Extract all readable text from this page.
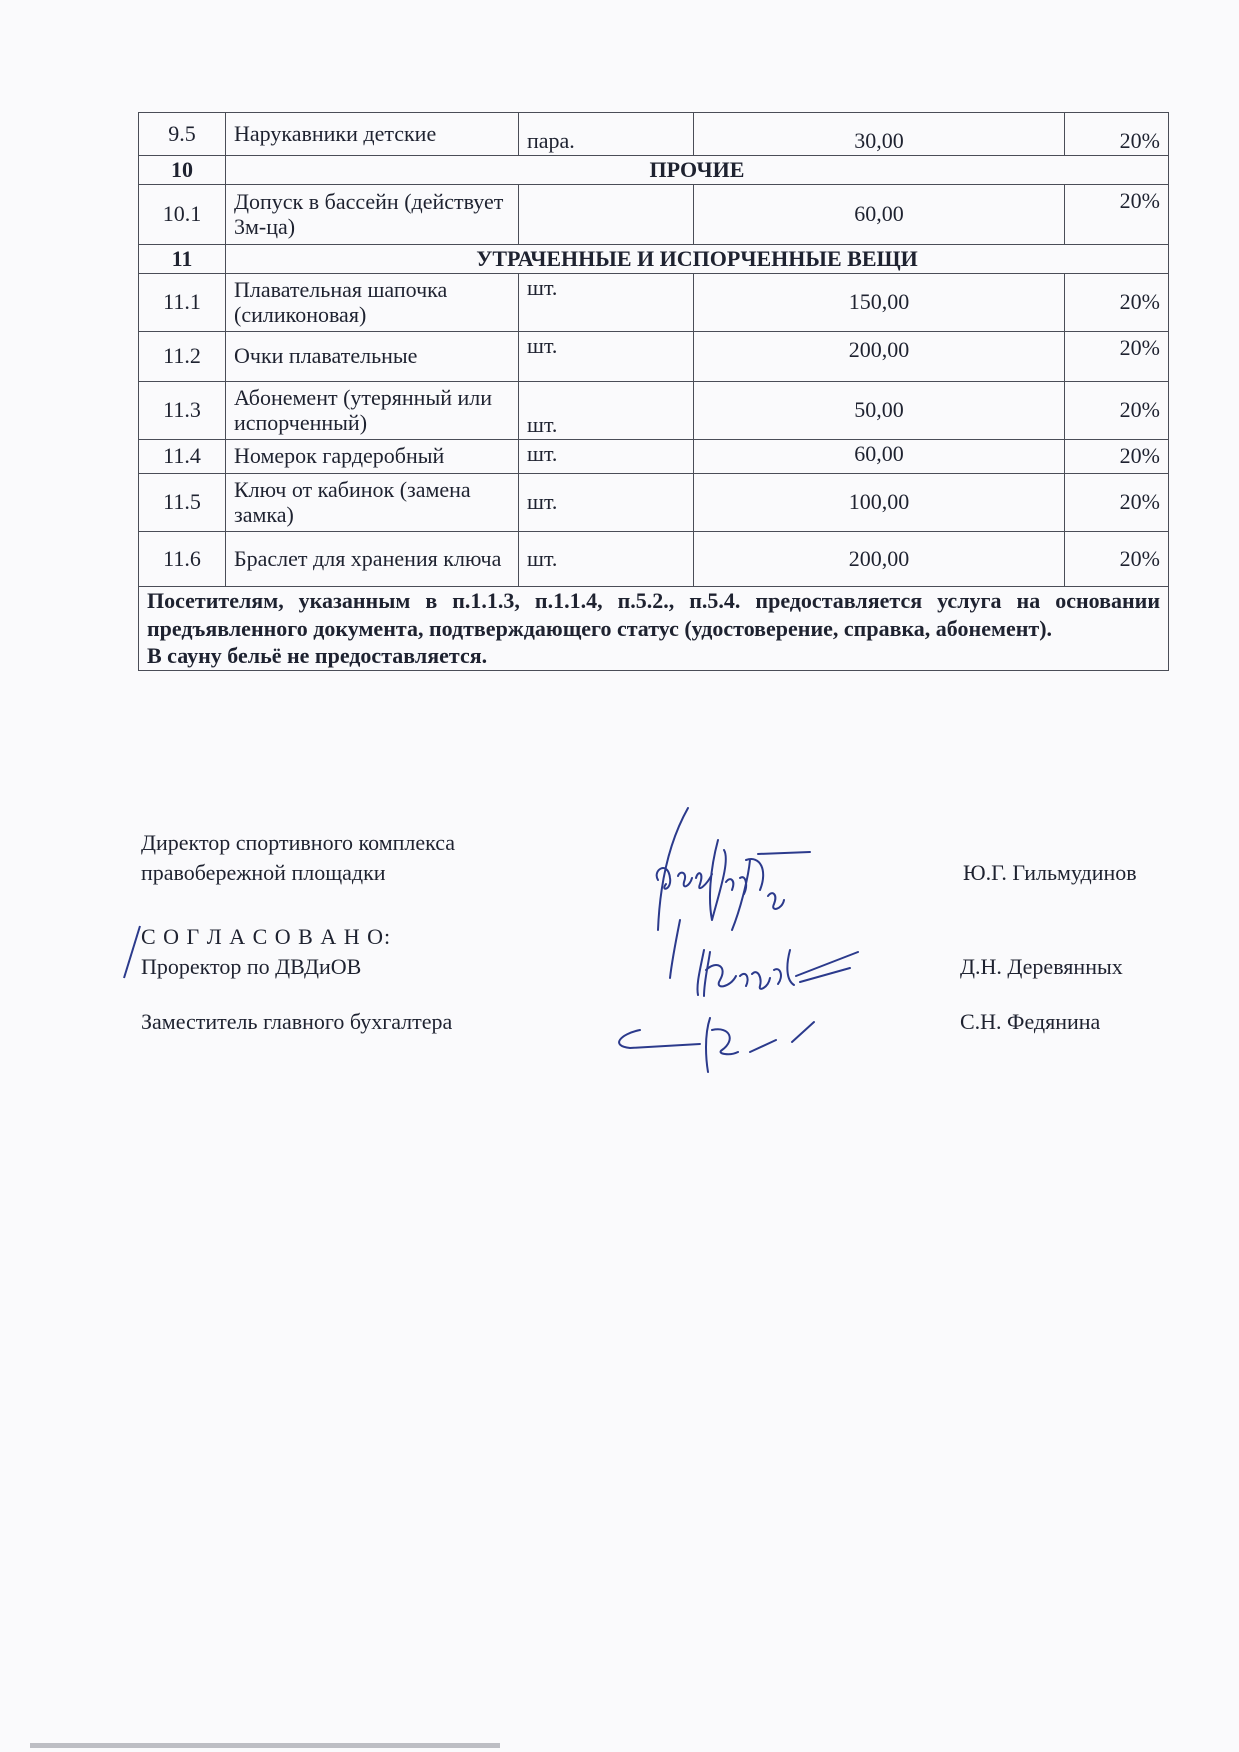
9.5	Нарукавники детские	пара.	30,00	20%
10	ПРОЧИЕ			
10.1	Допуск в бассейн (действует 3м-ца)		60,00	20%
11	УТРАЧЕННЫЕ И ИСПОРЧЕННЫЕ ВЕЩИ			
11.1	Плавательная шапочка (силиконовая)	шт.	150,00	20%
11.2	Очки плавательные	шт.	200,00	20%
11.3	Абонемент (утерянный или испорченный)	шт.	50,00	20%
11.4	Номерок гардеробный	шт.	60,00	20%
11.5	Ключ от кабинок (замена замка)	шт.	100,00	20%
11.6	Браслет для хранения ключа	шт.	200,00	20%

Посетителям, указанным в п.1.1.3, п.1.1.4, п.5.2., п.5.4. предоставляется услуга на основании предъявленного документа, подтверждающего статус (удостоверение, справка, абонемент).

В сауну бельё не предоставляется.				

Директор спортивного комплекса
правобережной площадки	Ю.Г. Гильмудинов
С О Г Л А С О В А Н О:
Проректор по ДВДиОВ	Д.Н. Деревянных
Заместитель главного бухгалтера	С.Н. Федянина
